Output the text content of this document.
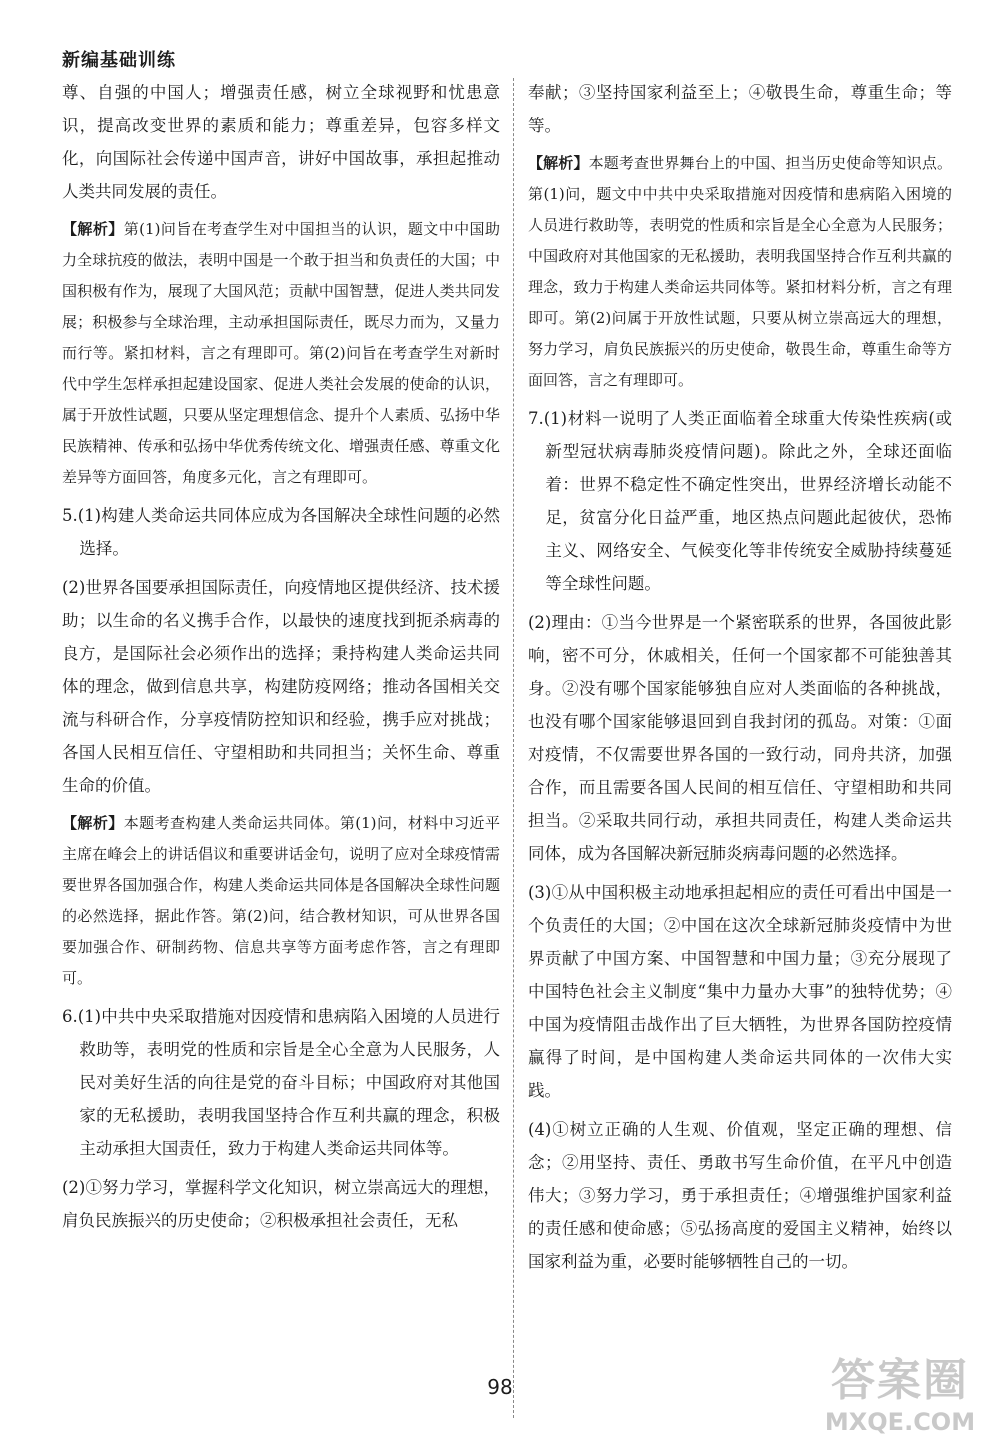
新编基础训练

尊、自强的中国人；增强责任感，树立全球视野和忧患意识，提高改变世界的素质和能力；尊重差异，包容多样文化，向国际社会传递中国声音，讲好中国故事，承担起推动人类共同发展的责任。

【解析】第(1)问旨在考查学生对中国担当的认识，题文中中国助力全球抗疫的做法，表明中国是一个敢于担当和负责任的大国；中国积极有作为，展现了大国风范；贡献中国智慧，促进人类共同发展；积极参与全球治理，主动承担国际责任，既尽力而为，又量力而行等。紧扣材料，言之有理即可。第(2)问旨在考查学生对新时代中学生怎样承担起建设国家、促进人类社会发展的使命的认识，属于开放性试题，只要从坚定理想信念、提升个人素质、弘扬中华民族精神、传承和弘扬中华优秀传统文化、增强责任感、尊重文化差异等方面回答，角度多元化，言之有理即可。

5.(1)构建人类命运共同体应成为各国解决全球性问题的必然选择。

(2)世界各国要承担国际责任，向疫情地区提供经济、技术援助；以生命的名义携手合作，以最快的速度找到扼杀病毒的良方，是国际社会必须作出的选择；秉持构建人类命运共同体的理念，做到信息共享，构建防疫网络；推动各国相关交流与科研合作，分享疫情防控知识和经验，携手应对挑战；各国人民相互信任、守望相助和共同担当；关怀生命、尊重生命的价值。

【解析】本题考查构建人类命运共同体。第(1)问，材料中习近平主席在峰会上的讲话倡议和重要讲话金句，说明了应对全球疫情需要世界各国加强合作，构建人类命运共同体是各国解决全球性问题的必然选择，据此作答。第(2)问，结合教材知识，可从世界各国要加强合作、研制药物、信息共享等方面考虑作答，言之有理即可。

6.(1)中共中央采取措施对因疫情和患病陷入困境的人员进行救助等，表明党的性质和宗旨是全心全意为人民服务，人民对美好生活的向往是党的奋斗目标；中国政府对其他国家的无私援助，表明我国坚持合作互利共赢的理念，积极主动承担大国责任，致力于构建人类命运共同体等。

(2)①努力学习，掌握科学文化知识，树立崇高远大的理想，肩负民族振兴的历史使命；②积极承担社会责任，无私

奉献；③坚持国家利益至上；④敬畏生命，尊重生命；等等。

【解析】本题考查世界舞台上的中国、担当历史使命等知识点。第(1)问，题文中中共中央采取措施对因疫情和患病陷入困境的人员进行救助等，表明党的性质和宗旨是全心全意为人民服务；中国政府对其他国家的无私援助，表明我国坚持合作互利共赢的理念，致力于构建人类命运共同体等。紧扣材料分析，言之有理即可。第(2)问属于开放性试题，只要从树立崇高远大的理想，努力学习，肩负民族振兴的历史使命，敬畏生命，尊重生命等方面回答，言之有理即可。

7.(1)材料一说明了人类正面临着全球重大传染性疾病(或新型冠状病毒肺炎疫情问题)。除此之外，全球还面临着：世界不稳定性不确定性突出，世界经济增长动能不足，贫富分化日益严重，地区热点问题此起彼伏，恐怖主义、网络安全、气候变化等非传统安全威胁持续蔓延等全球性问题。

(2)理由：①当今世界是一个紧密联系的世界，各国彼此影响，密不可分，休戚相关，任何一个国家都不可能独善其身。②没有哪个国家能够独自应对人类面临的各种挑战，也没有哪个国家能够退回到自我封闭的孤岛。对策：①面对疫情，不仅需要世界各国的一致行动，同舟共济，加强合作，而且需要各国人民间的相互信任、守望相助和共同担当。②采取共同行动，承担共同责任，构建人类命运共同体，成为各国解决新冠肺炎病毒问题的必然选择。

(3)①从中国积极主动地承担起相应的责任可看出中国是一个负责任的大国；②中国在这次全球新冠肺炎疫情中为世界贡献了中国方案、中国智慧和中国力量；③充分展现了中国特色社会主义制度“集中力量办大事”的独特优势；④中国为疫情阻击战作出了巨大牺牲，为世界各国防控疫情赢得了时间，是中国构建人类命运共同体的一次伟大实践。

(4)①树立正确的人生观、价值观，坚定正确的理想、信念；②用坚持、责任、勇敢书写生命价值，在平凡中创造伟大；③努力学习，勇于承担责任；④增强维护国家利益的责任感和使命感；⑤弘扬高度的爱国主义精神，始终以国家利益为重，必要时能够牺牲自己的一切。

98	答案圈
MXQE.COM
